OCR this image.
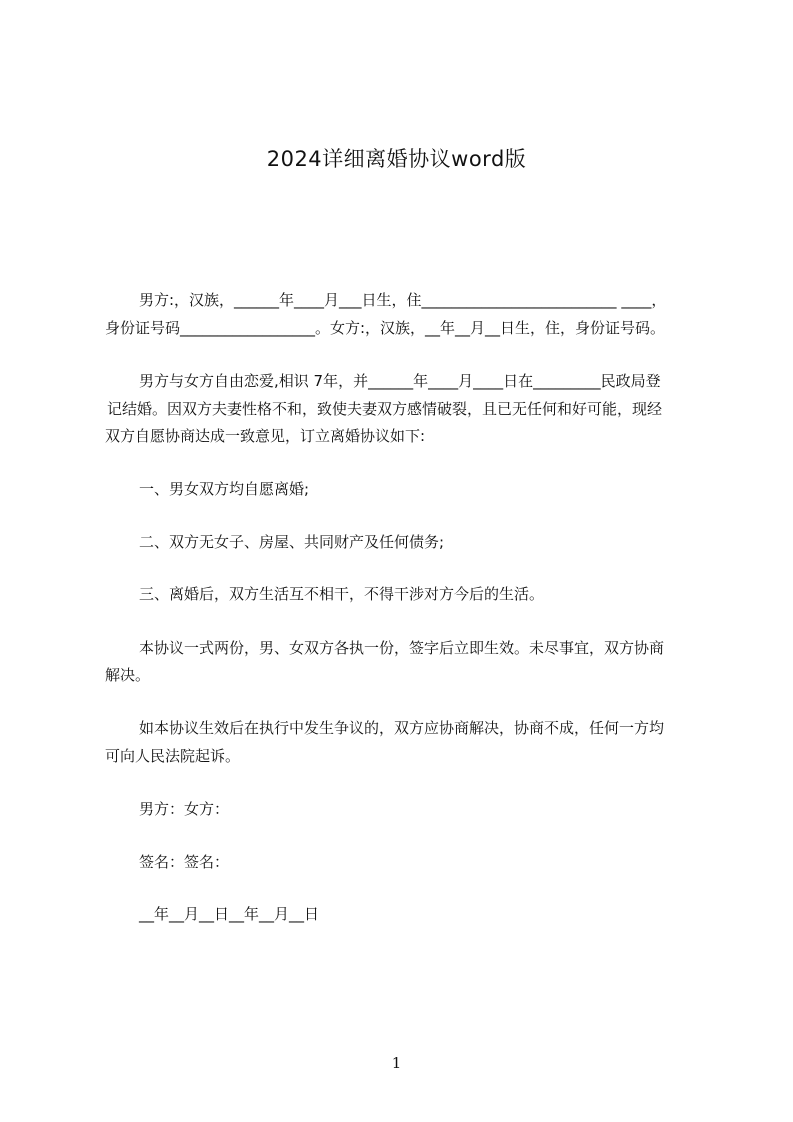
2024详细离婚协议word版
男方:，汉族，______年____月___日生，住__________________________ ____，
身份证号码__________________。女方:，汉族，__年__月__日生，住，身份证号码。
男方与女方自由恋爱,相识 7年，并______年____月____日在_________民政局登
记结婚。因双方夫妻性格不和，致使夫妻双方感情破裂，且已无任何和好可能，现经
双方自愿协商达成一致意见，订立离婚协议如下:
一、男女双方均自愿离婚;
二、双方无女子、房屋、共同财产及任何债务;
三、离婚后，双方生活互不相干，不得干涉对方今后的生活。
本协议一式两份，男、女双方各执一份，签字后立即生效。未尽事宜，双方协商
解决。
如本协议生效后在执行中发生争议的，双方应协商解决，协商不成，任何一方均
可向人民法院起诉。
男方：女方：
签名：签名：
__年__月__日__年__月__日
1
